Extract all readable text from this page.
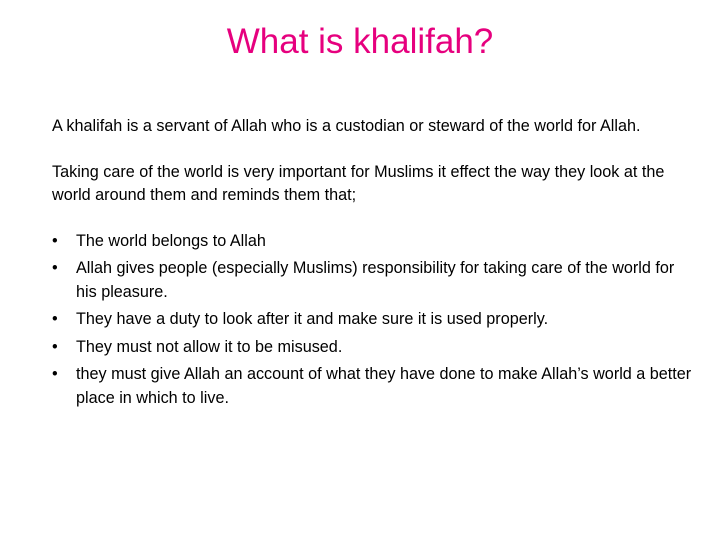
What is khalifah?

A khalifah is a servant of Allah who is a custodian or steward of the world for Allah.

Taking care of the world is very important for Muslims it effect the way they look at the world around them and reminds them that;

•	The world belongs to Allah
•	Allah gives people (especially Muslims) responsibility for taking care of the world for his pleasure.
•	They have a duty to look after it and make sure it is used properly.
•	They must not allow it to be misused.
•	they must give Allah an account of what they have done to make Allah’s world a better place in which to live.
